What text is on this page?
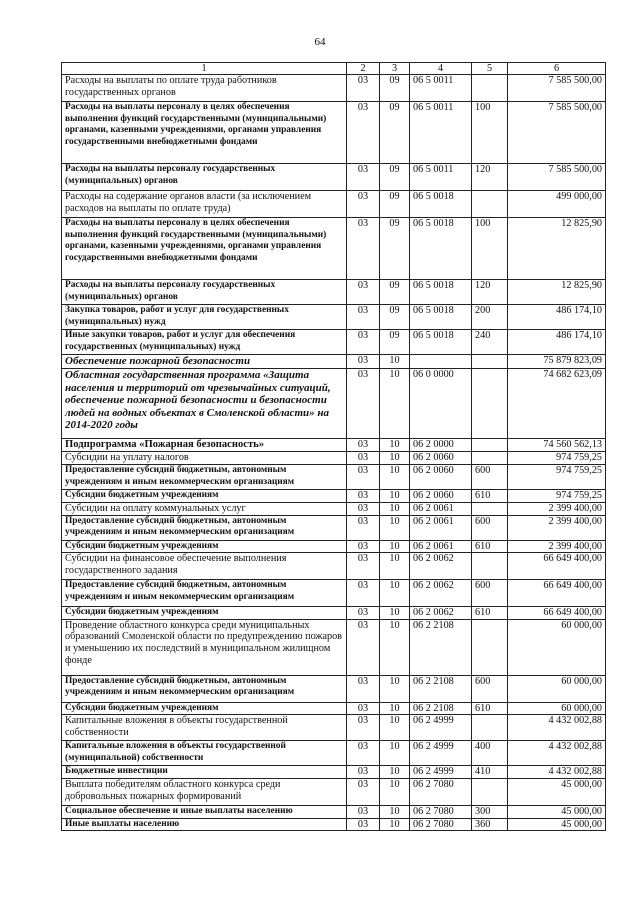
64
1	2	3	4	5	6
Расходы на выплаты по оплате труда работников государственных органов	03	09	06 5 0011		7 585 500,00
Расходы на выплаты персоналу в целях обеспечения выполнения функций государственными (муниципальными) органами, казенными учреждениями, органами управления государственными внебюджетными фондами	03	09	06 5 0011	100	7 585 500,00
Расходы на выплаты персоналу государственных (муниципальных) органов	03	09	06 5 0011	120	7 585 500,00
Расходы на содержание органов власти (за исключением расходов на выплаты по оплате труда)	03	09	06 5 0018		499 000,00
Расходы на выплаты персоналу в целях обеспечения выполнения функций государственными (муниципальными) органами, казенными учреждениями, органами управления государственными внебюджетными фондами	03	09	06 5 0018	100	12 825,90
Расходы на выплаты персоналу государственных (муниципальных) органов	03	09	06 5 0018	120	12 825,90
Закупка товаров, работ и услуг для государственных (муниципальных) нужд	03	09	06 5 0018	200	486 174,10
Иные закупки товаров, работ и услуг для обеспечения государственных (муниципальных) нужд	03	09	06 5 0018	240	486 174,10
Обеспечение пожарной безопасности	03	10			75 879 823,09
Областная государственная программа «Защита населения и территорий от чрезвычайных ситуаций, обеспечение пожарной безопасности и безопасности людей на водных объектах в Смоленской области» на 2014-2020 годы	03	10	06 0 0000		74 682 623,09
Подпрограмма «Пожарная безопасность»	03	10	06 2 0000		74 560 562,13
Субсидии на уплату налогов	03	10	06 2 0060		974 759,25
Предоставление субсидий бюджетным, автономным учреждениям и иным некоммерческим организациям	03	10	06 2 0060	600	974 759,25
Субсидии бюджетным учреждениям	03	10	06 2 0060	610	974 759,25
Субсидии на оплату коммунальных услуг	03	10	06 2 0061		2 399 400,00
Предоставление субсидий бюджетным, автономным учреждениям и иным некоммерческим организациям	03	10	06 2 0061	600	2 399 400,00
Субсидии бюджетным учреждениям	03	10	06 2 0061	610	2 399 400,00
Субсидии на финансовое обеспечение выполнения государственного задания	03	10	06 2 0062		66 649 400,00
Предоставление субсидий бюджетным, автономным учреждениям и иным некоммерческим организациям	03	10	06 2 0062	600	66 649 400,00
Субсидии бюджетным учреждениям	03	10	06 2 0062	610	66 649 400,00
Проведение областного конкурса среди муниципальных образований Смоленской области по предупреждению пожаров и уменьшению их последствий в муниципальном жилищном фонде	03	10	06 2 2108		60 000,00
Предоставление субсидий бюджетным, автономным учреждениям и иным некоммерческим организациям	03	10	06 2 2108	600	60 000,00
Субсидии бюджетным учреждениям	03	10	06 2 2108	610	60 000,00
Капитальные вложения в объекты государственной собственности	03	10	06 2 4999		4 432 002,88
Капитальные вложения в объекты государственной (муниципальной) собственности	03	10	06 2 4999	400	4 432 002,88
Бюджетные инвестиции	03	10	06 2 4999	410	4 432 002,88
Выплата победителям областного конкурса среди добровольных пожарных формирований	03	10	06 2 7080		45 000,00
Социальное обеспечение и иные выплаты населению	03	10	06 2 7080	300	45 000,00
Иные выплаты населению	03	10	06 2 7080	360	45 000,00
